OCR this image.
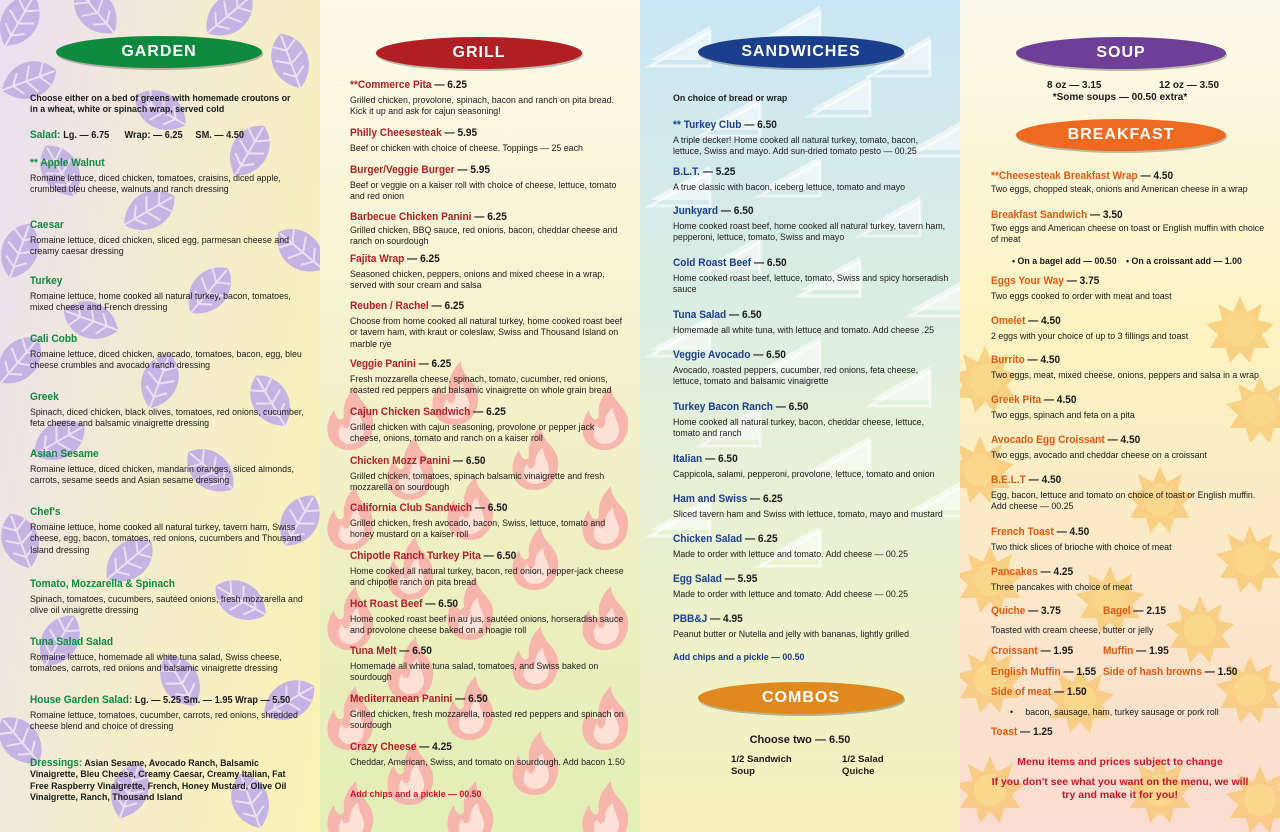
GARDEN
Choose either on a bed of greens with homemade croutons or in a wheat, white or spinach wrap, served cold
Salad: Lg. — 6.75      Wrap: — 6.25     SM. — 4.50
** Apple Walnut
Romaine lettuce, diced chicken, tomatoes, craisins, diced apple, crumbled bleu cheese, walnuts and ranch dressing
Caesar
Romaine lettuce, diced chicken, sliced egg, parmesan cheese and creamy caesar dressing
Turkey
Romaine lettuce, home cooked all natural turkey, bacon, tomatoes, mixed cheese and French dressing
Cali Cobb
Romaine lettuce, diced chicken, avocado, tomatoes, bacon, egg, bleu cheese crumbles and avocado ranch dressing
Greek
Spinach, diced chicken, black olives, tomatoes, red onions, cucumber, feta cheese and balsamic vinaigrette dressing
Asian Sesame
Romaine lettuce, diced chicken, mandarin oranges, sliced almonds, carrots, sesame seeds and Asian sesame dressing
Chef's
Romaine lettuce, home cooked all natural turkey, tavern ham, Swiss cheese, egg, bacon, tomatoes, red onions, cucumbers and Thousand Island dressing
Tomato, Mozzarella & Spinach
Spinach, tomatoes, cucumbers, sautéed onions, fresh mozzarella and olive oil vinaigrette dressing
Tuna Salad Salad
Romaine lettuce, homemade all white tuna salad, Swiss cheese, tomatoes, carrots, red onions and balsamic vinaigrette dressing
House Garden Salad: Lg. — 5.25 Sm. — 1.95 Wrap — 5.50
Romaine lettuce, tomatoes, cucumber, carrots, red onions, shredded cheese blend and choice of dressing
Dressings: Asian Sesame, Avocado Ranch, Balsamic Vinaigrette, Bleu Cheese, Creamy Caesar, Creamy Italian, Fat Free Raspberry Vinaigrette, French, Honey Mustard, Olive Oil Vinaigrette, Ranch, Thousand Island
GRILL
**Commerce Pita — 6.25
Grilled chicken, provolone, spinach, bacon and ranch on pita bread. Kick it up and ask for cajun seasoning!
Philly Cheesesteak — 5.95
Beef or chicken with choice of cheese. Toppings — 25 each
Burger/Veggie Burger — 5.95
Beef or veggie on a kaiser roll with choice of cheese, lettuce, tomato and red onion
Barbecue Chicken Panini — 6.25
Grilled chicken, BBQ sauce, red onions, bacon, cheddar cheese and ranch on sourdough
Fajita Wrap — 6.25
Seasoned chicken, peppers, onions and mixed cheese in a wrap, served with sour cream and salsa
Reuben / Rachel — 6.25
Choose from home cooked all natural turkey, home cooked roast beef or tavern ham, with kraut or coleslaw, Swiss and Thousand Island on marble rye
Veggie Panini — 6.25
Fresh mozzarella cheese, spinach, tomato, cucumber, red onions, roasted red peppers and balsamic vinaigrette on whole grain bread
Cajun Chicken Sandwich — 6.25
Grilled chicken with cajun seasoning, provolone or pepper jack cheese, onions, tomato and ranch on a kaiser roll
Chicken Mozz Panini — 6.50
Grilled chicken, tomatoes, spinach balsamic vinaigrette and fresh mozzarella on sourdough
California Club Sandwich — 6.50
Grilled chicken, fresh avocado, bacon, Swiss, lettuce, tomato and honey mustard on a kaiser roll
Chipotle Ranch Turkey Pita — 6.50
Home cooked all natural turkey, bacon, red onion, pepper-jack cheese and chipotle ranch on pita bread
Hot Roast Beef — 6.50
Home cooked roast beef in au jus, sautéed onions, horseradish sauce and provolone cheese baked on a hoagie roll
Tuna Melt — 6.50
Homemade all white tuna salad, tomatoes, and Swiss baked on sourdough
Mediterranean Panini — 6.50
Grilled chicken, fresh mozzarella, roasted red peppers and spinach on sourdough
Crazy Cheese — 4.25
Cheddar, American, Swiss, and tomato on sourdough. Add bacon 1.50
Add chips and a pickle — 00.50
SANDWICHES
On choice of bread or wrap
** Turkey Club — 6.50
A triple decker! Home cooked all natural turkey, tomato, bacon, lettuce, Swiss and mayo. Add sun-dried tomato pesto — 00.25
B.L.T. — 5.25
A true classic with bacon, iceberg lettuce, tomato and mayo
Junkyard — 6.50
Home cooked roast beef, home cooked all natural turkey, tavern ham, pepperoni, lettuce, tomato, Swiss and mayo
Cold Roast Beef — 6.50
Home cooked roast beef, lettuce, tomato, Swiss and spicy horseradish sauce
Tuna Salad — 6.50
Homemade all white tuna, with lettuce and tomato. Add cheese .25
Veggie Avocado — 6.50
Avocado, roasted peppers, cucumber, red onions, feta cheese, lettuce, tomato and balsamic vinaigrette
Turkey Bacon Ranch — 6.50
Home cooked all natural turkey, bacon, cheddar cheese, lettuce, tomato and ranch
Italian — 6.50
Cappicola, salami, pepperoni, provolone, lettuce, tomato and onion
Ham and Swiss — 6.25
Sliced tavern ham and Swiss with lettuce, tomato, mayo and mustard
Chicken Salad — 6.25
Made to order with lettuce and tomato. Add cheese — 00.25
Egg Salad — 5.95
Made to order with lettuce and tomato. Add cheese — 00.25
PBB&J — 4.95
Peanut butter or Nutella and jelly with bananas, lightly grilled
Add chips and a pickle — 00.50
COMBOS
Choose two — 6.50
1/2 Sandwich
Soup
1/2 Salad
Quiche
SOUP
8 oz — 3.15	12 oz — 3.50
*Some soups — 00.50 extra*
BREAKFAST
**Cheesesteak Breakfast Wrap — 4.50
Two eggs, chopped steak, onions and American cheese in a wrap
Breakfast Sandwich — 3.50
Two eggs and American cheese on toast or English muffin with choice of meat
• On a bagel add — 00.50 • On a croissant add — 1.00
Eggs Your Way — 3.75
Two eggs cooked to order with meat and toast
Omelet — 4.50
2 eggs with your choice of up to 3 fillings and toast
Burrito — 4.50
Two eggs, meat, mixed cheese, onions, peppers and salsa in a wrap
Greek Pita — 4.50
Two eggs, spinach and feta on a pita
Avocado Egg Croissant — 4.50
Two eggs, avocado and cheddar cheese on a croissant
B.E.L.T — 4.50
Egg, bacon, lettuce and tomato on choice of toast or English muffin. Add cheese — 00.25
French Toast — 4.50
Two thick slices of brioche with choice of meat
Pancakes — 4.25
Three pancakes with choice of meat
Quiche — 3.75	Bagel — 2.15
Toasted with cream cheese, butter or jelly
Croissant — 1.95	Muffin — 1.95
English Muffin — 1.55 Side of hash browns — 1.50
Side of meat — 1.50
•     bacon, sausage, ham, turkey sausage or pork roll
Toast — 1.25
Menu items and prices subject to change
If you don't see what you want on the menu, we will try and make it for you!
